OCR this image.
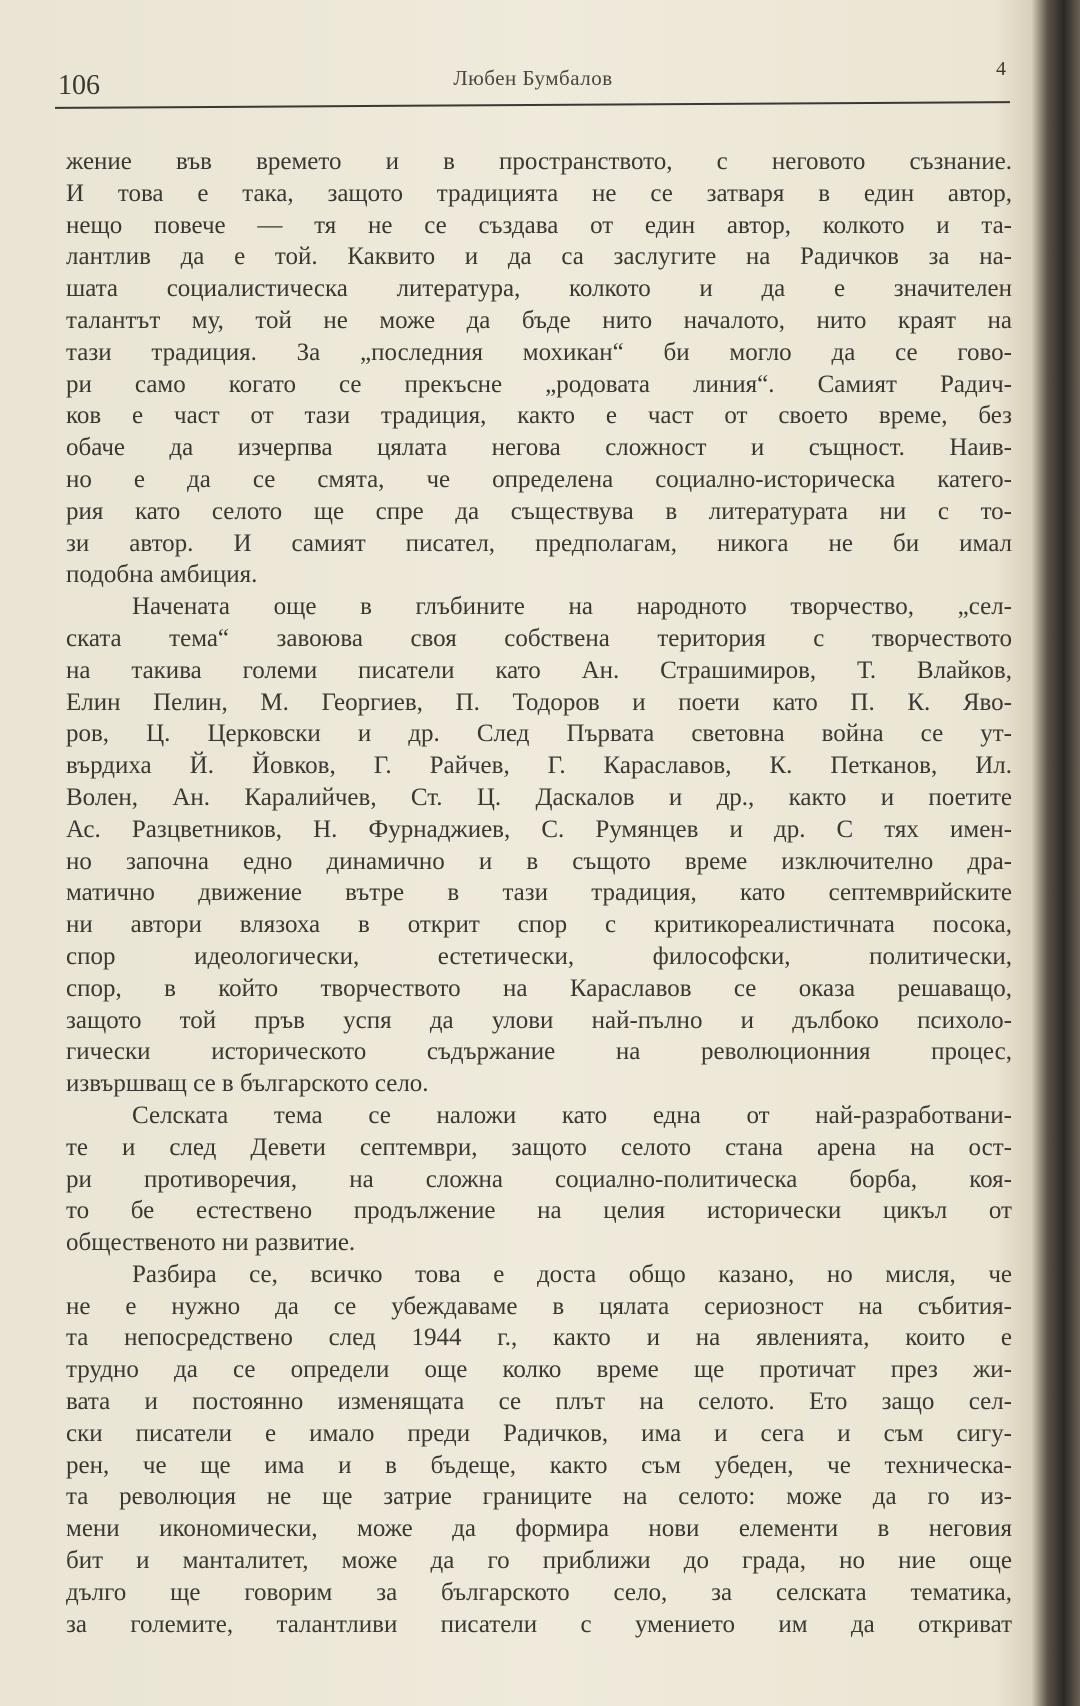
106	Любен Бумбалов	4
жение във времето и в пространството, с неговото съзнание.
И това е така, защото традицията не се затваря в един автор,
нещо повече — тя не се създава от един автор, колкото и та-
лантлив да е той. Каквито и да са заслугите на Радичков за на-
шата социалистическа литература, колкото и да е значителен
талантът му, той не може да бъде нито началото, нито краят на
тази традиция. За „последния мохикан“ би могло да се гово-
ри само когато се прекъсне „родовата линия“. Самият Радич-
ков е част от тази традиция, както е част от своето време, без
обаче да изчерпва цялата негова сложност и същност. Наив-
но е да се смята, че определена социално-историческа катего-
рия като селото ще спре да съществува в литературата ни с то-
зи автор. И самият писател, предполагам, никога не би имал
подобна амбиция.
Начената още в глъбините на народното творчество, „сел-
ската тема“ завоюва своя собствена територия с творчеството
на такива големи писатели като Ан. Страшимиров, Т. Влайков,
Елин Пелин, М. Георгиев, П. Тодоров и поети като П. К. Яво-
ров, Ц. Церковски и др. След Първата световна война се ут-
върдиха Й. Йовков, Г. Райчев, Г. Караславов, К. Петканов, Ил.
Волен, Ан. Каралийчев, Ст. Ц. Даскалов и др., както и поетите
Ас. Разцветников, Н. Фурнаджиев, С. Румянцев и др. С тях имен-
но започна едно динамично и в същото време изключително дра-
матично движение вътре в тази традиция, като септемврийските
ни автори влязоха в открит спор с критикореалистичната посока,
спор идеологически, естетически, философски, политически,
спор, в който творчеството на Караславов се оказа решаващо,
защото той пръв успя да улови най-пълно и дълбоко психоло-
гически историческото съдържание на революционния процес,
извършващ се в българското село.
Селската тема се наложи като една от най-разработвани-
те и след Девети септември, защото селото стана арена на ост-
ри противоречия, на сложна социално-политическа борба, коя-
то бе естествено продължение на целия исторически цикъл от
общественото ни развитие.
Разбира се, всичко това е доста общо казано, но мисля, че
не е нужно да се убеждаваме в цялата сериозност на събития-
та непосредствено след 1944 г., както и на явленията, които е
трудно да се определи още колко време ще протичат през жи-
вата и постоянно изменящата се плът на селото. Ето защо сел-
ски писатели е имало преди Радичков, има и сега и съм сигу-
рен, че ще има и в бъдеще, както съм убеден, че техническа-
та революция не ще затрие границите на селото: може да го из-
мени икономически, може да формира нови елементи в неговия
бит и манталитет, може да го приближи до града, но ние още
дълго ще говорим за българското село, за селската тематика,
за големите, талантливи писатели с умението им да откриват
